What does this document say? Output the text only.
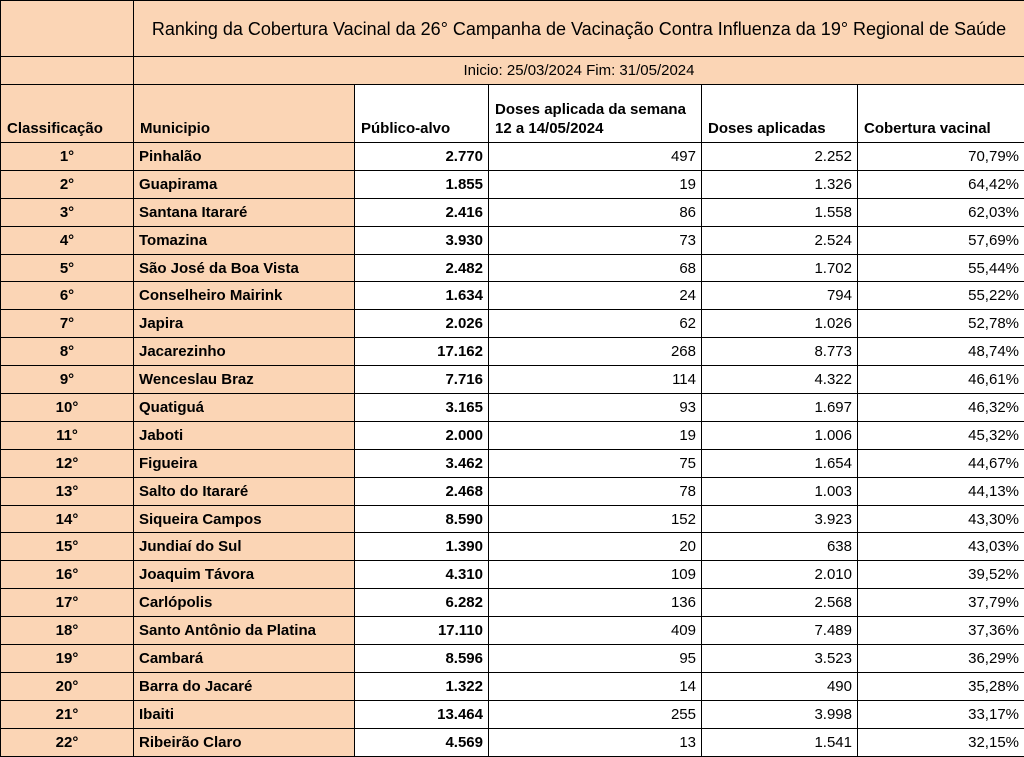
	Ranking da Cobertura Vacinal da 26° Campanha de Vacinação Contra Influenza da 19° Regional de Saúde				
	Inicio: 25/03/2024 Fim: 31/05/2024				
Classificação	Municipio	Público-alvo	Doses aplicada da semana 12 a 14/05/2024	Doses aplicadas	Cobertura vacinal
1°	Pinhalão	2.770	497	2.252	70,79%
2°	Guapirama	1.855	19	1.326	64,42%
3°	Santana Itararé	2.416	86	1.558	62,03%
4°	Tomazina	3.930	73	2.524	57,69%
5°	São José da Boa Vista	2.482	68	1.702	55,44%
6°	Conselheiro Mairink	1.634	24	794	55,22%
7°	Japira	2.026	62	1.026	52,78%
8°	Jacarezinho	17.162	268	8.773	48,74%
9°	Wenceslau Braz	7.716	114	4.322	46,61%
10°	Quatiguá	3.165	93	1.697	46,32%
11°	Jaboti	2.000	19	1.006	45,32%
12°	Figueira	3.462	75	1.654	44,67%
13°	Salto do Itararé	2.468	78	1.003	44,13%
14°	Siqueira Campos	8.590	152	3.923	43,30%
15°	Jundiaí do Sul	1.390	20	638	43,03%
16°	Joaquim Távora	4.310	109	2.010	39,52%
17°	Carlópolis	6.282	136	2.568	37,79%
18°	Santo Antônio da Platina	17.110	409	7.489	37,36%
19°	Cambará	8.596	95	3.523	36,29%
20°	Barra do Jacaré	1.322	14	490	35,28%
21°	Ibaiti	13.464	255	3.998	33,17%
22°	Ribeirão Claro	4.569	13	1.541	32,15%
